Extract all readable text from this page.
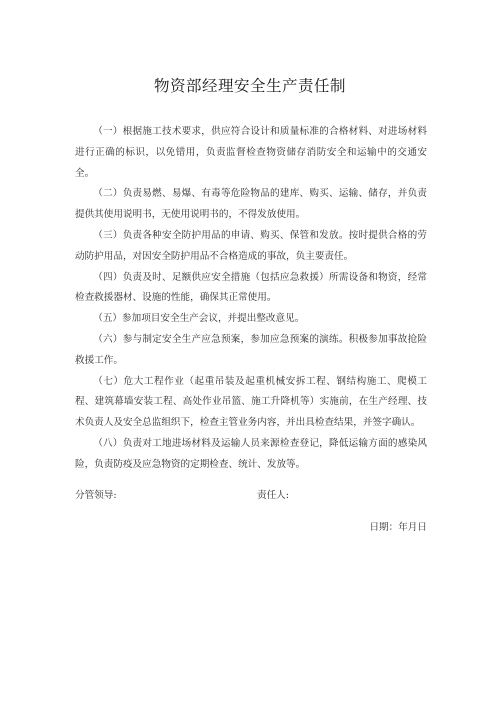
物资部经理安全生产责任制

（一）根据施工技术要求，供应符合设计和质量标准的合格材料、对进场材料进行正确的标识，以免错用，负责监督检查物资储存消防安全和运输中的交通安全。

（二）负责易燃、易爆、有毒等危险物品的建库、购买、运输、储存，并负责提供其使用说明书，无使用说明书的，不得发放使用。

（三）负责各种安全防护用品的申请、购买、保管和发放。按时提供合格的劳动防护用品，对因安全防护用品不合格造成的事故，负主要责任。

（四）负责及时、足额供应安全措施（包括应急救援）所需设备和物资，经常检查救援器材、设施的性能，确保其正常使用。

（五）参加项目安全生产会议，并提出整改意见。

（六）参与制定安全生产应急预案，参加应急预案的演练。积极参加事故抢险救援工作。

（七）危大工程作业（起重吊装及起重机械安拆工程、钢结构施工、爬模工程、建筑幕墙安装工程、高处作业吊篮、施工升降机等）实施前，在生产经理、技术负责人及安全总监组织下，检查主管业务内容，并出具检查结果，并签字确认。

（八）负责对工地进场材料及运输人员来源检查登记，降低运输方面的感染风险，负责防疫及应急物资的定期检查、统计、发放等。

分管领导:	责任人:
日期：年月日
